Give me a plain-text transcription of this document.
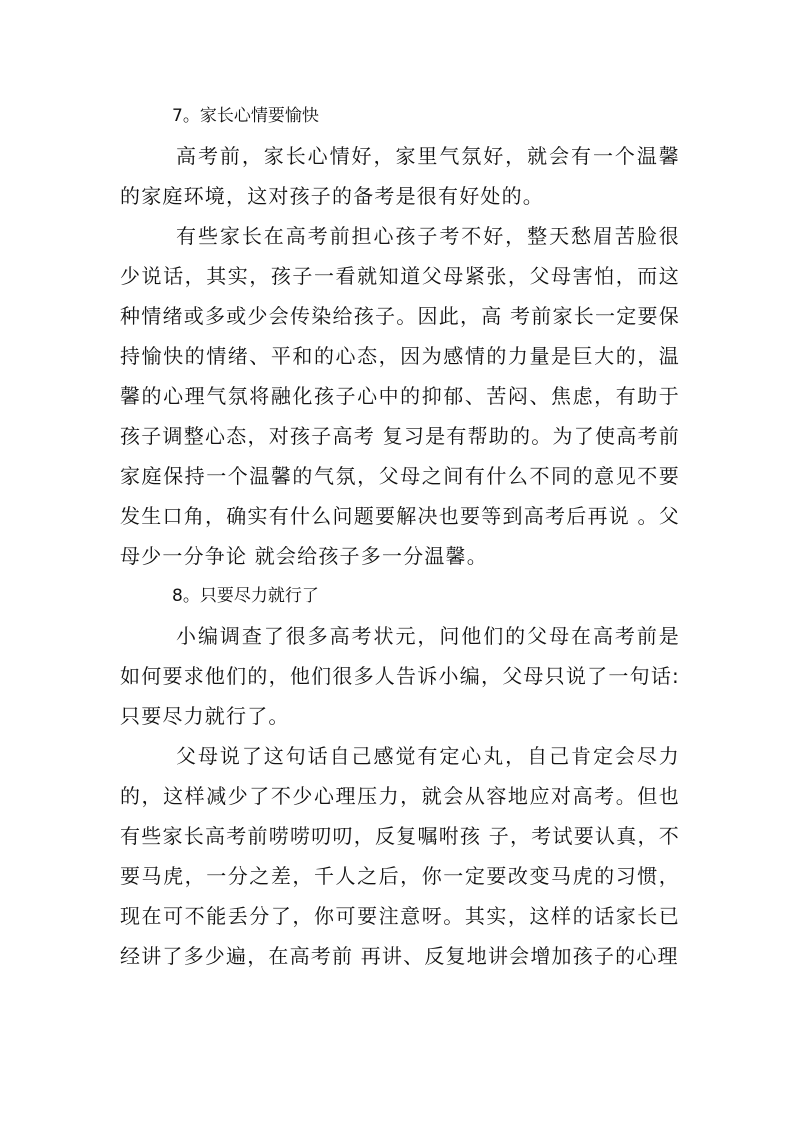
7。家长心情要愉快

高考前，家长心情好，家里气氛好，就会有一个温馨的家庭环境，这对孩子的备考是很有好处的。

有些家长在高考前担心孩子考不好，整天愁眉苦脸很少说话，其实，孩子一看就知道父母紧张，父母害怕，而这种情绪或多或少会传染给孩子。因此，高 考前家长一定要保持愉快的情绪、平和的心态，因为感情的力量是巨大的，温馨的心理气氛将融化孩子心中的抑郁、苦闷、焦虑，有助于孩子调整心态，对孩子高考 复习是有帮助的。为了使高考前家庭保持一个温馨的气氛，父母之间有什么不同的意见不要发生口角，确实有什么问题要解决也要等到高考后再说 。父母少一分争论 就会给孩子多一分温馨。

8。只要尽力就行了

小编调查了很多高考状元，问他们的父母在高考前是如何要求他们的，他们很多人告诉小编，父母只说了一句话:只要尽力就行了。

父母说了这句话自己感觉有定心丸，自己肯定会尽力的，这样减少了不少心理压力，就会从容地应对高考。但也有些家长高考前唠唠叨叨，反复嘱咐孩 子，考试要认真，不要马虎，一分之差，千人之后，你一定要改变马虎的习惯，现在可不能丢分了，你可要注意呀。其实，这样的话家长已经讲了多少遍，在高考前 再讲、反复地讲会增加孩子的心理
